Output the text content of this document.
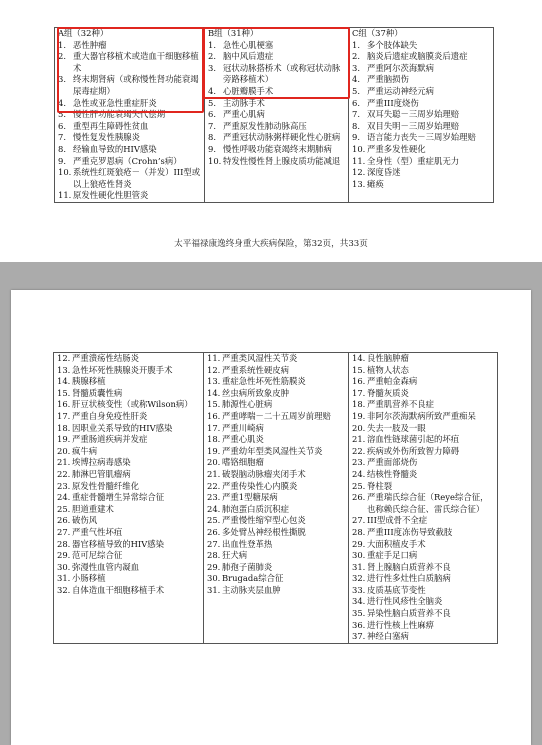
A组（32种）
1. 恶性肿瘤
2. 重大器官移植术或造血干细胞移植术
3. 终末期肾病（或称慢性肾功能衰竭尿毒症期）
4. 急性或亚急性重症肝炎
5. 慢性肝功能衰竭失代偿期
6. 重型再生障碍性贫血
7. 慢性复发性胰腺炎
8. 经输血导致的HIV感染
9. 严重克罗恩病（Crohn’s病）
10. 系统性红斑狼疮－（并发）III型或以上狼疮性肾炎
11. 原发性硬化性胆管炎

B组（31种）
1. 急性心肌梗塞
2. 脑中风后遗症
3. 冠状动脉搭桥术（或称冠状动脉旁路移植术）
4. 心脏瓣膜手术
5. 主动脉手术
6. 严重心肌病
7. 严重原发性肺动脉高压
8. 严重冠状动脉粥样硬化性心脏病
9. 慢性呼吸功能衰竭终末期肺病
10. 特发性慢性肾上腺皮质功能减退

C组（37种）
1. 多个肢体缺失
2. 脑炎后遗症或脑膜炎后遗症
3. 严重阿尔茨海默病
4. 严重脑损伤
5. 严重运动神经元病
6. 严重III度烧伤
7. 双耳失聪－三周岁始理赔
8. 双目失明－三周岁始理赔
9. 语言能力丧失－三周岁始理赔
10. 严重多发性硬化
11. 全身性（型）重症肌无力
12. 深度昏迷
13. 瘫痪
太平福禄康逸终身重大疾病保险，第32页，共33页
12. 严重溃疡性结肠炎
13. 急性坏死性胰腺炎开腹手术
14. 胰腺移植
15. 肾髓质囊性病
16. 肝豆状核变性（或称Wilson病）
17. 严重自身免疫性肝炎
18. 因职业关系导致的HIV感染
19. 严重肠道疾病并发症
20. 疯牛病
21. 埃博拉病毒感染
22. 肺淋巴管肌瘤病
23. 原发性骨髓纤维化
24. 重症骨髓增生异常综合征
25. 胆道重建术
26. 破伤风
27. 严重气性坏疽
28. 器官移植导致的HIV感染
29. 范可尼综合征
30. 弥漫性血管内凝血
31. 小肠移植
32. 自体造血干细胞移植手术

11. 严重类风湿性关节炎
12. 严重系统性硬皮病
13. 重症急性坏死性筋膜炎
14. 丝虫病所致象皮肿
15. 肺源性心脏病
16. 严重哮喘－二十五周岁前理赔
17. 严重川崎病
18. 严重心肌炎
19. 严重幼年型类风湿性关节炎
20. 嗜铬细胞瘤
21. 破裂脑动脉瘤夹闭手术
22. 严重传染性心内膜炎
23. 严重1型糖尿病
24. 肺泡蛋白质沉积症
25. 严重慢性缩窄型心包炎
26. 多处臂丛神经根性撕脱
27. 出血性登革热
28. 狂犬病
29. 肺孢子菌肺炎
30. Brugada综合征
31. 主动脉夹层血肿

14. 良性脑肿瘤
15. 植物人状态
16. 严重帕金森病
17. 脊髓灰质炎
18. 严重肌营养不良症
19. 非阿尔茨海默病所致严重痴呆
20. 失去一肢及一眼
21. 溶血性链球菌引起的坏疽
22. 疾病或外伤所致智力障碍
23. 严重面部烧伤
24. 结核性脊髓炎
25. 脊柱裂
26. 严重瑞氏综合征（Reye综合征，也称赖氏综合征、雷氏综合征）
27. III型成骨不全症
28. 严重III度冻伤导致截肢
29. 大面积植皮手术
30. 重症手足口病
31. 肾上腺脑白质营养不良
32. 进行性多灶性白质脑病
33. 皮质基底节变性
34. 进行性风疹性全脑炎
35. 异染性脑白质营养不良
36. 进行性核上性麻痹
37. 神经白塞病
